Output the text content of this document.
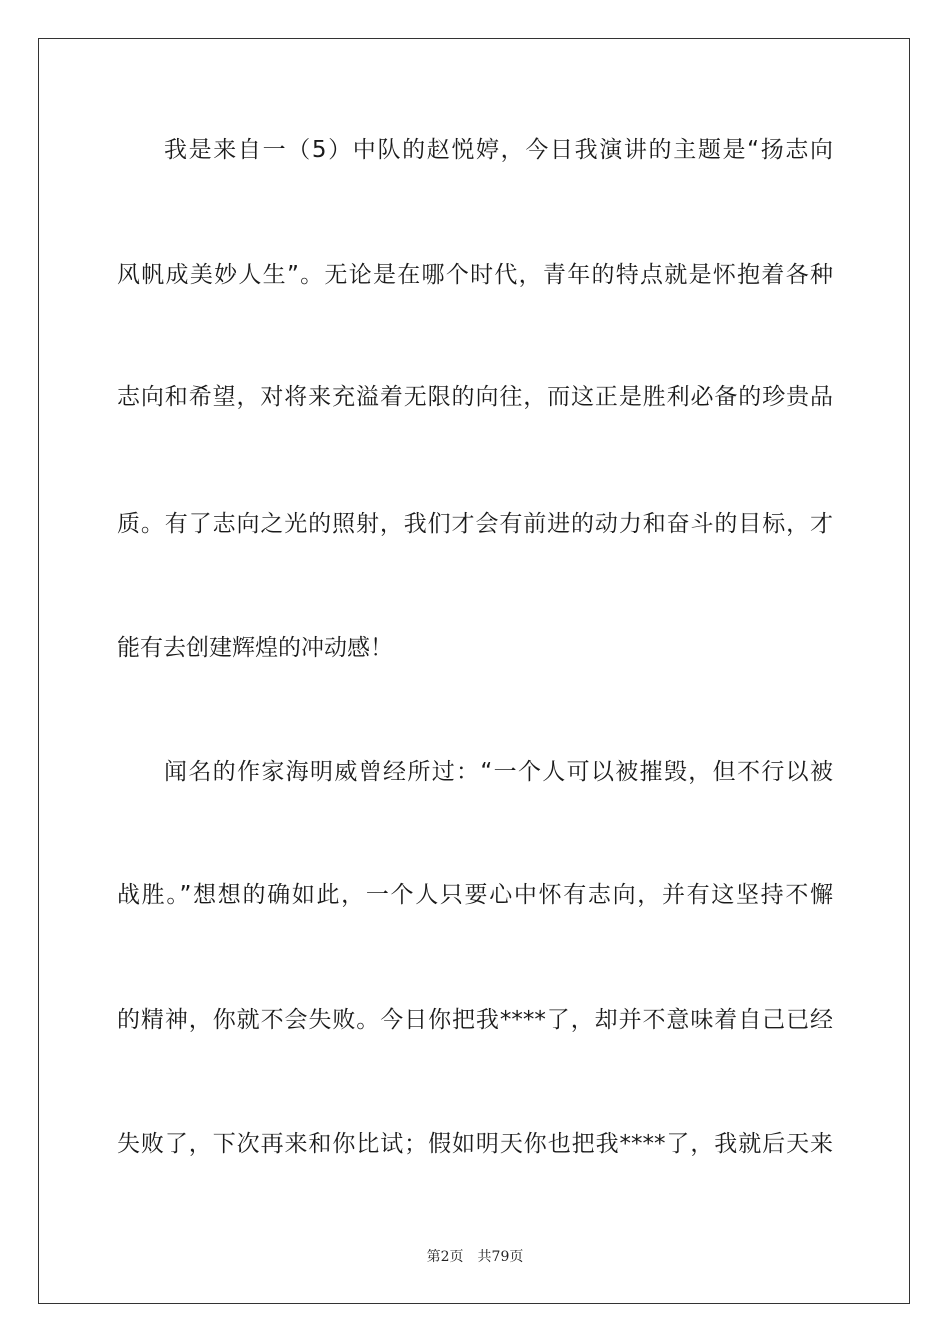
我是来自一（5）中队的赵悦婷，今日我演讲的主题是“扬志向
风帆成美妙人生”。无论是在哪个时代，青年的特点就是怀抱着各种
志向和希望，对将来充溢着无限的向往，而这正是胜利必备的珍贵品
质。有了志向之光的照射，我们才会有前进的动力和奋斗的目标，才
能有去创建辉煌的冲动感！
闻名的作家海明威曾经所过：“一个人可以被摧毁，但不行以被
战胜。”想想的确如此，一个人只要心中怀有志向，并有这坚持不懈
的精神，你就不会失败。今日你把我****了，却并不意味着自己已经
失败了，下次再来和你比试；假如明天你也把我****了，我就后天来
第2页 共79页
